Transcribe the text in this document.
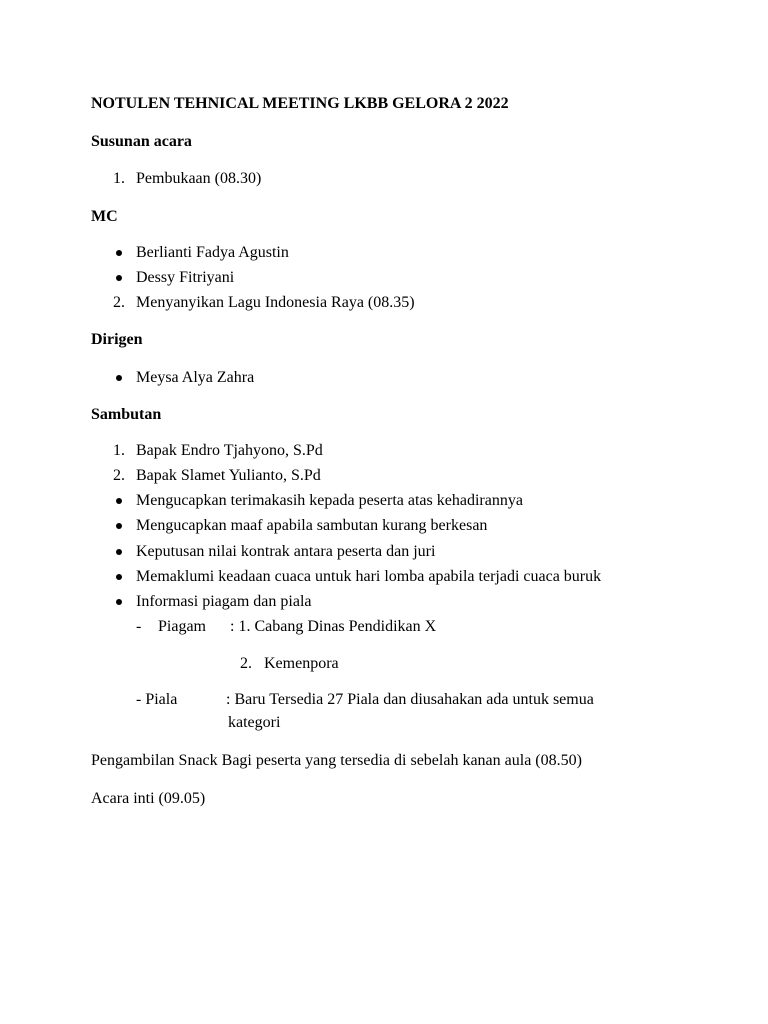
NOTULEN TEHNICAL MEETING LKBB GELORA 2 2022
Susunan acara
1. Pembukaan (08.30)
MC
Berlianti Fadya Agustin
Dessy Fitriyani
2. Menyanyikan Lagu Indonesia Raya (08.35)
Dirigen
Meysa Alya Zahra
Sambutan
1. Bapak Endro Tjahyono, S.Pd
2. Bapak Slamet Yulianto, S.Pd
Mengucapkan terimakasih kepada peserta atas kehadirannya
Mengucapkan maaf apabila sambutan kurang berkesan
Keputusan nilai kontrak antara peserta dan juri
Memaklumi keadaan cuaca untuk hari lomba apabila terjadi cuaca buruk
Informasi piagam dan piala
- Piagam : 1. Cabang Dinas Pendidikan X
2. Kemenpora
- Piala	: Baru Tersedia 27 Piala dan diusahakan ada untuk semua
kategori
Pengambilan Snack Bagi peserta yang tersedia di sebelah kanan aula (08.50)
Acara inti (09.05)
